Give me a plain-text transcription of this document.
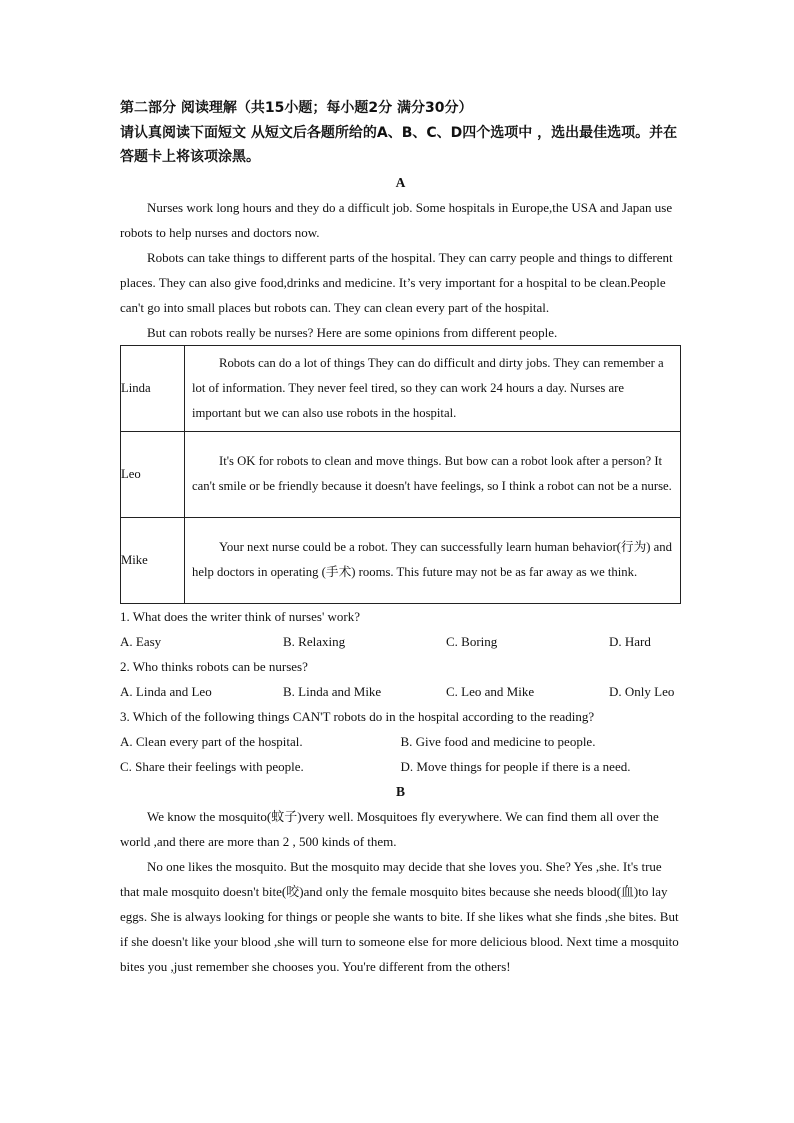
第二部分 阅读理解（共15小题；每小题2分 满分30分）
请认真阅读下面短文 从短文后各题所给的A、B、C、D四个选项中 ，选出最佳选项。并在
答题卡上将该项涂黑。
A

Nurses work long hours and they do a difficult job. Some hospitals in Europe,the USA and Japan use robots to help nurses and doctors now.

Robots can take things to different parts of the hospital. They can carry people and things to different places. They can also give food,drinks and medicine. It’s very important for a hospital to be clean.People can't go into small places but robots can. They can clean every part of the hospital.

But can robots really be nurses? Here are some opinions from different people.

Linda	Robots can do a lot of things They can do difficult and dirty jobs. They can remember a lot of information. They never feel tired, so they can work 24 hours a day. Nurses are important but we can also use robots in the hospital.

Leo	It's OK for robots to clean and move things. But bow can a robot look after a person? It can't smile or be friendly because it doesn't have feelings, so I think a robot can not be a nurse.

Mike	Your next nurse could be a robot. They can successfully learn human behavior(行为) and help doctors in operating (手术) rooms. This future may not be as far away as we think.
1. What does the writer think of nurses' work?
A. Easy	B. Relaxing	C. Boring	D. Hard
2. Who thinks robots can be nurses?
A. Linda and Leo	B. Linda and Mike	C. Leo and Mike	D. Only Leo
3. Which of the following things CAN'T robots do in the hospital according to the reading?
A. Clean every part of the hospital.	B. Give food and medicine to people.
C. Share their feelings with people.	D. Move things for people if there is a need.
B

We know the mosquito(蚊子)very well. Mosquitoes fly everywhere. We can find them all over the world ,and there are more than 2 , 500 kinds of them.

No one likes the mosquito. But the mosquito may decide that she loves you. She? Yes ,she. It's true that male mosquito doesn't bite(咬)and only the female mosquito bites because she needs blood(血)to lay eggs. She is always looking for things or people she wants to bite. If she likes what she finds ,she bites. But if she doesn't like your blood ,she will turn to someone else for more delicious blood. Next time a mosquito bites you ,just remember she chooses you. You're different from the others!
